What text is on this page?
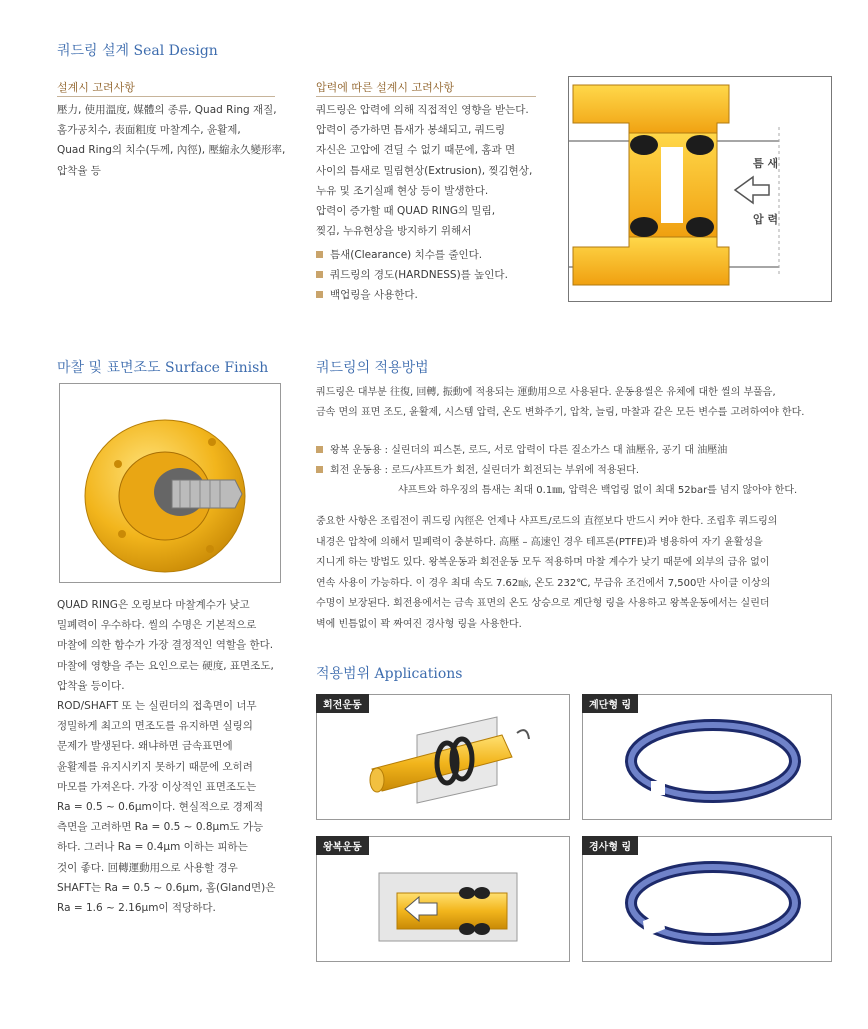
쿼드링 설계 Seal Design
설계시 고려사항
壓力, 使用溫度, 媒體의 종류, Quad Ring 재질,
홈가공치수, 表面粗度 마찰계수, 윤활제,
Quad Ring의 치수(두께, 內徑), 壓縮永久變形率,
압착율 등
압력에 따른 설계시 고려사항
쿼드링은 압력에 의해 직접적인 영향을 받는다.
압력이 증가하면 틈새가 봉쇄되고, 쿼드링
자신은 고압에 견딜 수 없기 때문에, 홈과 면
사이의 틈새로 밀림현상(Extrusion), 찢김현상,
누유 및 조기실패 현상 등이 발생한다.
압력이 증가할 때 QUAD RING의 밀림,
찢김, 누유현상을 방지하기 위해서
틈새(Clearance) 치수를 줄인다.
쿼드링의 경도(HARDNESS)를 높인다.
백업링을 사용한다.
틈 새
압 력
마찰 및 표면조도 Surface Finish
QUAD RING은 오링보다 마찰계수가 낮고
밀폐력이 우수하다. 씰의 수명은 기본적으로
마찰에 의한 함수가 가장 결정적인 역할을 한다.
마찰에 영향을 주는 요인으로는 硬度, 표면조도,
압착율 등이다.
ROD/SHAFT 또 는 실린더의 접촉면이 너무
정밀하게 최고의 면조도를 유지하면 실링의
문제가 발생된다. 왜냐하면 금속표면에
윤활제를 유지시키지 못하기 때문에 오히려
마모를 가져온다. 가장 이상적인 표면조도는
Ra = 0.5 ~ 0.6μm이다. 현실적으로 경제적
측면을 고려하면 Ra = 0.5 ~ 0.8μm도 가능
하다. 그러나 Ra = 0.4μm 이하는 피하는
것이 좋다. 回轉運動用으로 사용할 경우
SHAFT는 Ra = 0.5 ~ 0.6μm, 홈(Gland면)은
Ra = 1.6 ~ 2.16μm이 적당하다.
쿼드링의 적용방법
쿼드링은 대부분 往復, 回轉, 振動에 적용되는 運動用으로 사용된다. 운동용씰은 유체에 대한 씰의 부풀음,
금속 면의 표면 조도, 윤활제, 시스템 압력, 온도 변화주기, 압착, 늘림, 마찰과 같은 모든 변수를 고려하여야 한다.
왕복 운동용 : 실린더의 피스톤, 로드, 서로 압력이 다른 질소가스 대 油壓유, 공기 대 油壓油
회전 운동용 : 로드/샤프트가 회전, 실린더가 회전되는 부위에 적용된다.
샤프트와 하우징의 틈새는 최대 0.1㎜, 압력은 백업링 없이 최대 52bar를 넘지 않아야 한다.
중요한 사항은 조립전이 쿼드링 內徑은 언제나 샤프트/로드의 直徑보다 반드시 커야 한다. 조립후 쿼드링의
내경은 압착에 의해서 밀폐력이 충분하다. 高壓 – 高速인 경우 테프론(PTFE)과 병용하여 자기 윤활성을
지니게 하는 방법도 있다. 왕복운동과 회전운동 모두 적용하며 마찰 계수가 낮기 때문에 외부의 급유 없이
연속 사용이 가능하다. 이 경우 최대 속도 7.62㎧, 온도 232℃, 무급유 조건에서 7,500만 사이클 이상의
수명이 보장된다. 회전용에서는 금속 표면의 온도 상승으로 계단형 링을 사용하고 왕복운동에서는 실린더
벽에 빈틈없이 꽉 짜여진 경사형 링을 사용한다.
적용범위 Applications
회전운동	계단형 링
왕복운동	경사형 링
